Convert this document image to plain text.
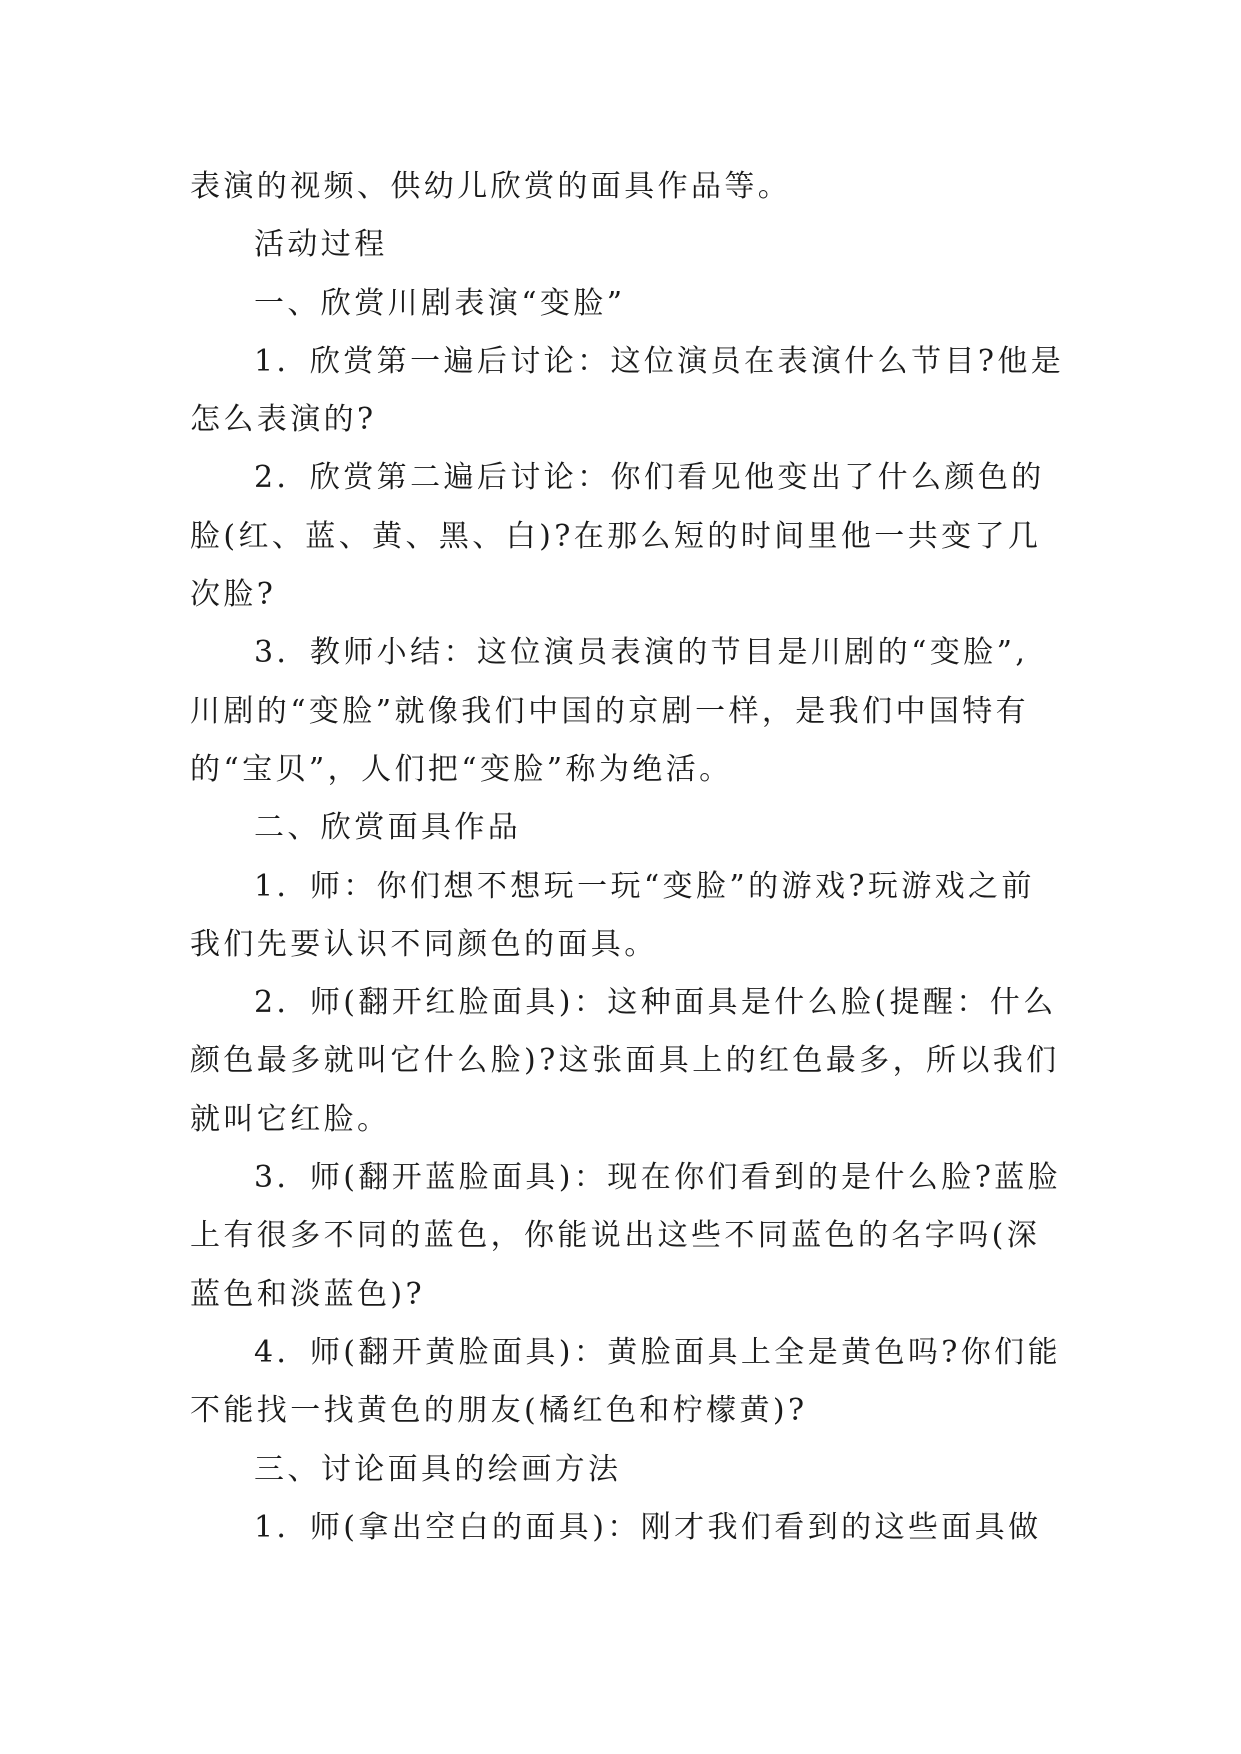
表演的视频、供幼儿欣赏的面具作品等。
活动过程
一、欣赏川剧表演“变脸”
1．欣赏第一遍后讨论：这位演员在表演什么节目?他是
怎么表演的?
2．欣赏第二遍后讨论：你们看见他变出了什么颜色的
脸(红、蓝、黄、黑、白)?在那么短的时间里他一共变了几
次脸?
3．教师小结：这位演员表演的节目是川剧的“变脸”,
川剧的“变脸”就像我们中国的京剧一样，是我们中国特有
的“宝贝”，人们把“变脸”称为绝活。
二、欣赏面具作品
1．师：你们想不想玩一玩“变脸”的游戏?玩游戏之前
我们先要认识不同颜色的面具。
2．师(翻开红脸面具)：这种面具是什么脸(提醒：什么
颜色最多就叫它什么脸)?这张面具上的红色最多，所以我们
就叫它红脸。
3．师(翻开蓝脸面具)：现在你们看到的是什么脸?蓝脸
上有很多不同的蓝色，你能说出这些不同蓝色的名字吗(深
蓝色和淡蓝色)?
4．师(翻开黄脸面具)：黄脸面具上全是黄色吗?你们能
不能找一找黄色的朋友(橘红色和柠檬黄)?
三、讨论面具的绘画方法
1．师(拿出空白的面具)：刚才我们看到的这些面具做
